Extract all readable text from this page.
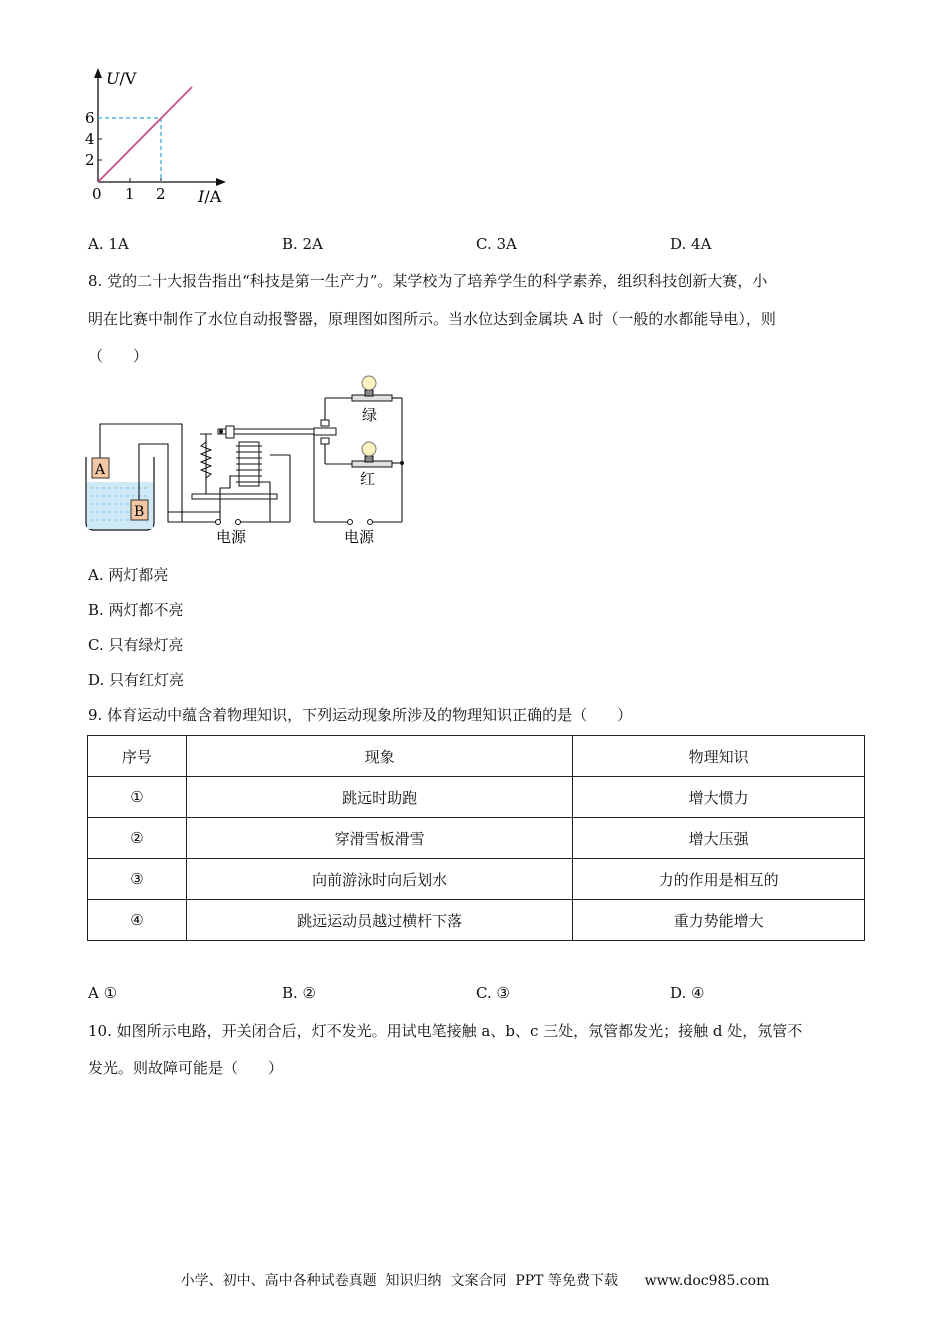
U/V
I/A
6
4
2
0 1 2
A. 1A	B. 2A	C. 3A	D. 4A
8. 党的二十大报告指出“科技是第一生产力”。某学校为了培养学生的科学素养，组织科技创新大赛，小
明在比赛中制作了水位自动报警器，原理图如图所示。当水位达到金属块 A 时（一般的水都能导电），则
（　　）
A
B
电源	电源
绿
红
A. 两灯都亮
B. 两灯都不亮
C. 只有绿灯亮
D. 只有红灯亮
9. 体育运动中蕴含着物理知识，下列运动现象所涉及的物理知识正确的是（　　）
序号	现象	物理知识
①	跳远时助跑	增大惯力
②	穿滑雪板滑雪	增大压强
③	向前游泳时向后划水	力的作用是相互的
④	跳远运动员越过横杆下落	重力势能增大
A ①	B. ②	C. ③	D. ④
10. 如图所示电路，开关闭合后，灯不发光。用试电笔接触 a、b、c 三处，氖管都发光；接触 d 处，氖管不
发光。则故障可能是（　　）
小学、初中、高中各种试卷真题  知识归纳  文案合同  PPT 等免费下载      www.doc985.com
